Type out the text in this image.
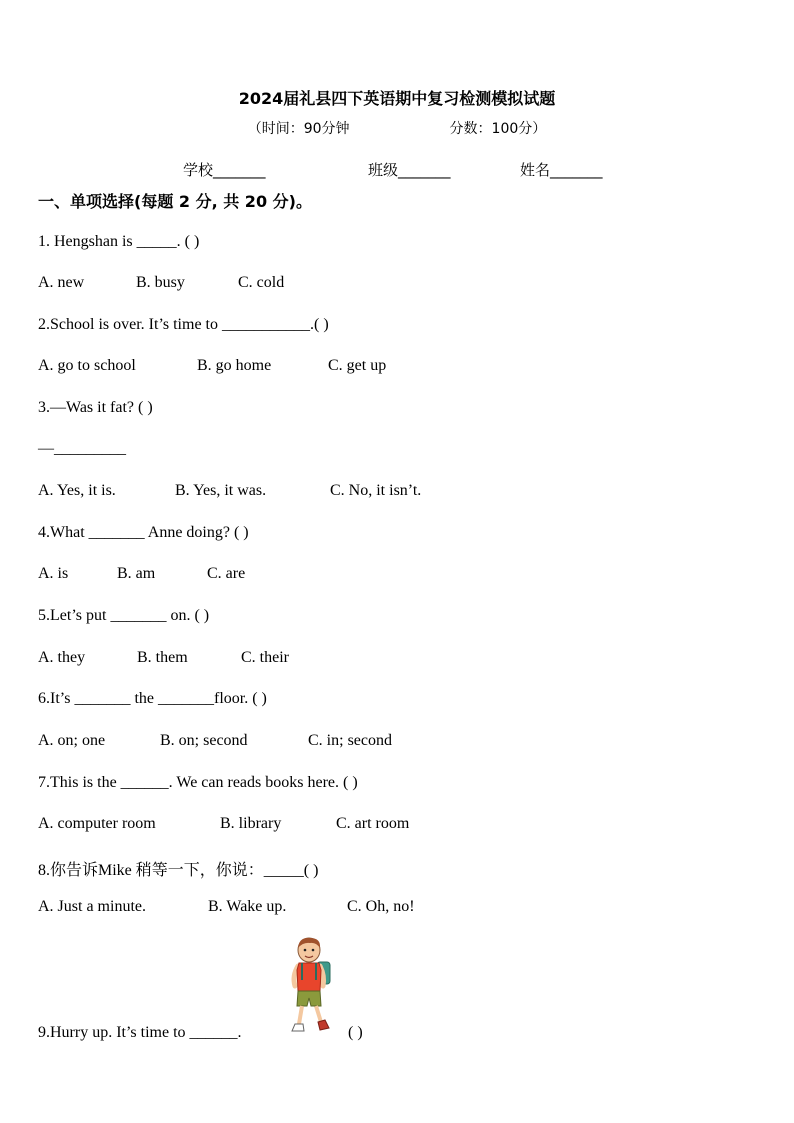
2024届礼县四下英语期中复习检测模拟试题
（时间：90分钟	分数：100分）
学校_______	班级_______	姓名_______
一、单项选择(每题 2 分, 共 20 分)。
1. Hengshan is _____. ( )
A. new	B. busy	C. cold
2.School is over. It’s time to ___________.( )
A. go to school	B. go home	C. get up
3.—Was it fat? ( )
—_________
A. Yes, it is.	B. Yes, it was.	C. No, it isn’t.
4.What _______ Anne doing? ( )
A. is	B. am	C. are
5.Let’s put _______ on. ( )
A. they	B. them	C. their
6.It’s _______ the _______floor. ( )
A. on; one	B. on; second	C. in; second
7.This is the ______. We can reads books here. ( )
A. computer room	B. library	C. art room
8.你告诉Mike 稍等一下，你说：_____( )
A. Just a minute.	B. Wake up.	C. Oh, no!
9.Hurry up. It’s time to ______.	( )
